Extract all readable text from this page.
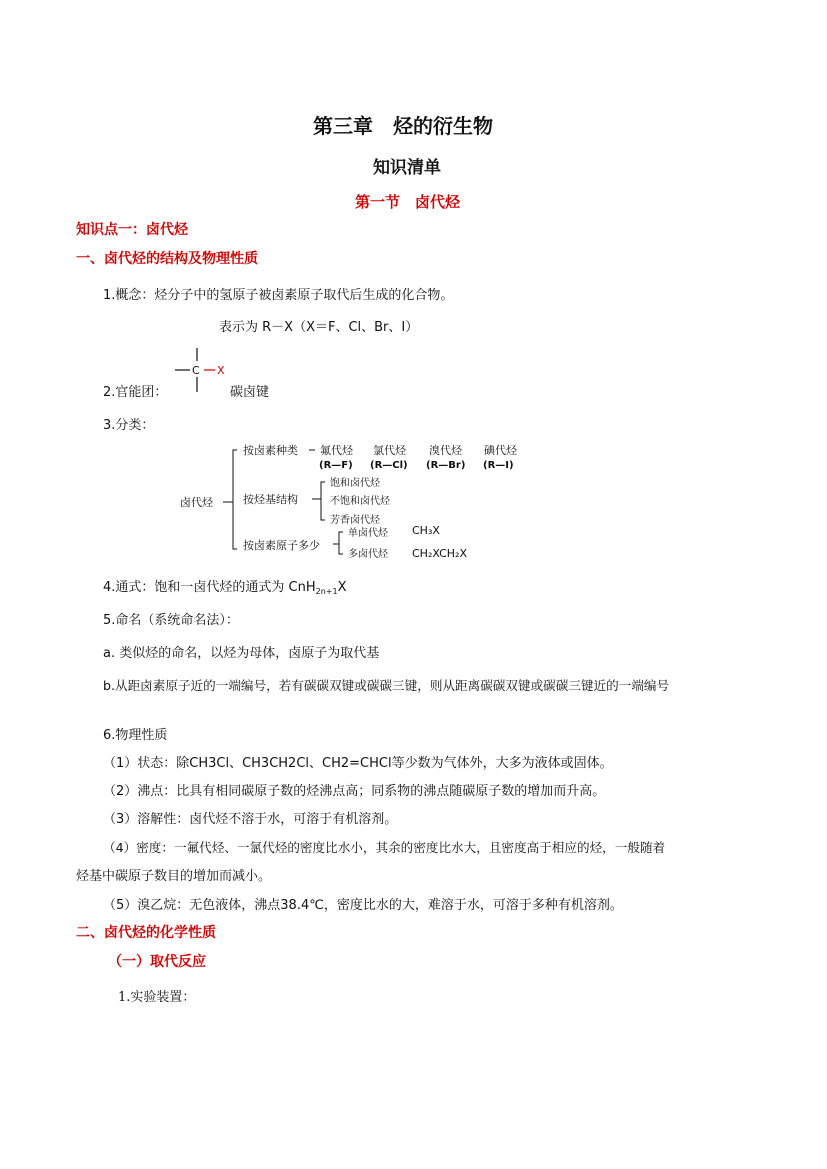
第三章　烃的衍生物
知识清单
第一节　卤代烃
知识点一：卤代烃
一、卤代烃的结构及物理性质
1.概念：烃分子中的氢原子被卤素原子取代后生成的化合物。
表示为 R－X（X＝F、Cl、Br、I）
C X
2.官能团：	碳卤键
3.分类：
卤代烃
按卤素种类
按烃基结构
按卤素原子多少
氟代烃 氯代烃 溴代烃 碘代烃
(R—F) (R—Cl) (R—Br) (R—I)
饱和卤代烃
不饱和卤代烃
芳香卤代烃
单卤代烃
多卤代烃
CH₃X
CH₂XCH₂X
4.通式：饱和一卤代烃的通式为 CnH$_{2n+1}$X
5.命名（系统命名法）：
a. 类似烃的命名，以烃为母体，卤原子为取代基
b.从距卤素原子近的一端编号，若有碳碳双键或碳碳三键，则从距离碳碳双键或碳碳三键近的一端编号
6.物理性质
（1）状态：除CH3Cl、CH3CH2Cl、CH2=CHCl等少数为气体外，大多为液体或固体。
（2）沸点：比具有相同碳原子数的烃沸点高；同系物的沸点随碳原子数的增加而升高。
（3）溶解性：卤代烃不溶于水，可溶于有机溶剂。
（4）密度：一氟代烃、一氯代烃的密度比水小，其余的密度比水大，且密度高于相应的烃，一般随着
烃基中碳原子数目的增加而减小。
（5）溴乙烷：无色液体，沸点38.4℃，密度比水的大，难溶于水，可溶于多种有机溶剂。
二、卤代烃的化学性质
（一）取代反应
1.实验装置：
